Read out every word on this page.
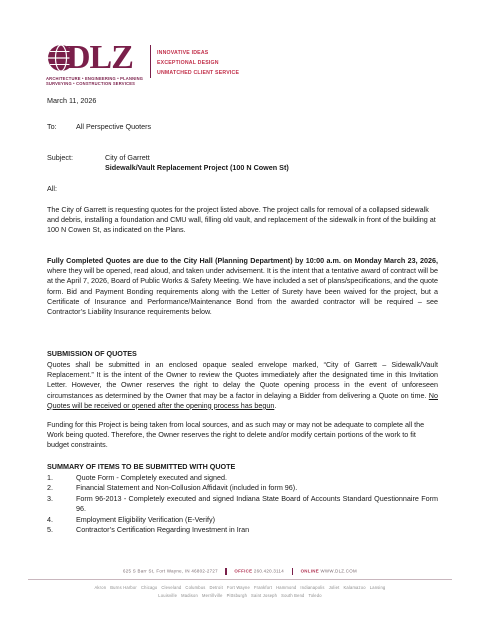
DLZ
ARCHITECTURE • ENGINEERING • PLANNING
SURVEYING • CONSTRUCTION SERVICES
INNOVATIVE IDEAS
EXCEPTIONAL DESIGN
UNMATCHED CLIENT SERVICE
March 11, 2026
To:	All Perspective Quoters
Subject:	City of Garrett
Sidewalk/Vault Replacement Project (100 N Cowen St)
All:
The City of Garrett is requesting quotes for the project listed above. The project calls for removal of a collapsed sidewalk and debris, installing a foundation and CMU wall, filling old vault, and replacement of the sidewalk in front of the building at 100 N Cowen St, as indicated on the Plans.
Fully Completed Quotes are due to the City Hall (Planning Department) by 10:00 a.m. on Monday March 23, 2026, where they will be opened, read aloud, and taken under advisement. It is the intent that a tentative award of contract will be at the April 7, 2026, Board of Public Works & Safety Meeting. We have included a set of plans/specifications, and the quote form. Bid and Payment Bonding requirements along with the Letter of Surety have been waived for the project, but a Certificate of Insurance and Performance/Maintenance Bond from the awarded contractor will be required – see Contractor’s Liability Insurance requirements below.
SUBMISSION OF QUOTES
Quotes shall be submitted in an enclosed opaque sealed envelope marked, “City of Garrett – Sidewalk/Vault Replacement.” It is the intent of the Owner to review the Quotes immediately after the designated time in this Invitation Letter. However, the Owner reserves the right to delay the Quote opening process in the event of unforeseen circumstances as determined by the Owner that may be a factor in delaying a Bidder from delivering a Quote on time. No Quotes will be received or opened after the opening process has begun.
Funding for this Project is being taken from local sources, and as such may or may not be adequate to complete all the Work being quoted. Therefore, the Owner reserves the right to delete and/or modify certain portions of the work to fit budget constraints.
SUMMARY OF ITEMS TO BE SUBMITTED WITH QUOTE
1.	Quote Form - Completely executed and signed.
2.	Financial Statement and Non-Collusion Affidavit (included in form 96).
3.	Form 96-2013 - Completely executed and signed Indiana State Board of Accounts Standard Questionnaire Form 96.
4.	Employment Eligibility Verification (E-Verify)
5.	Contractor’s Certification Regarding Investment in Iran
625 S Barr St, Fort Wayne, IN 46802-2727	OFFICE 260.420.3114	ONLINE WWW.DLZ.COM
Akron   Burns Harbor   Chicago   Cleveland   Columbus   Detroit   Fort Wayne   Frankfort   Hammond   Indianapolis   Joliet   Kalamazoo   Lansing
Louisville   Madison   Merrillville   Pittsburgh   Saint Joseph   South Bend   Toledo
